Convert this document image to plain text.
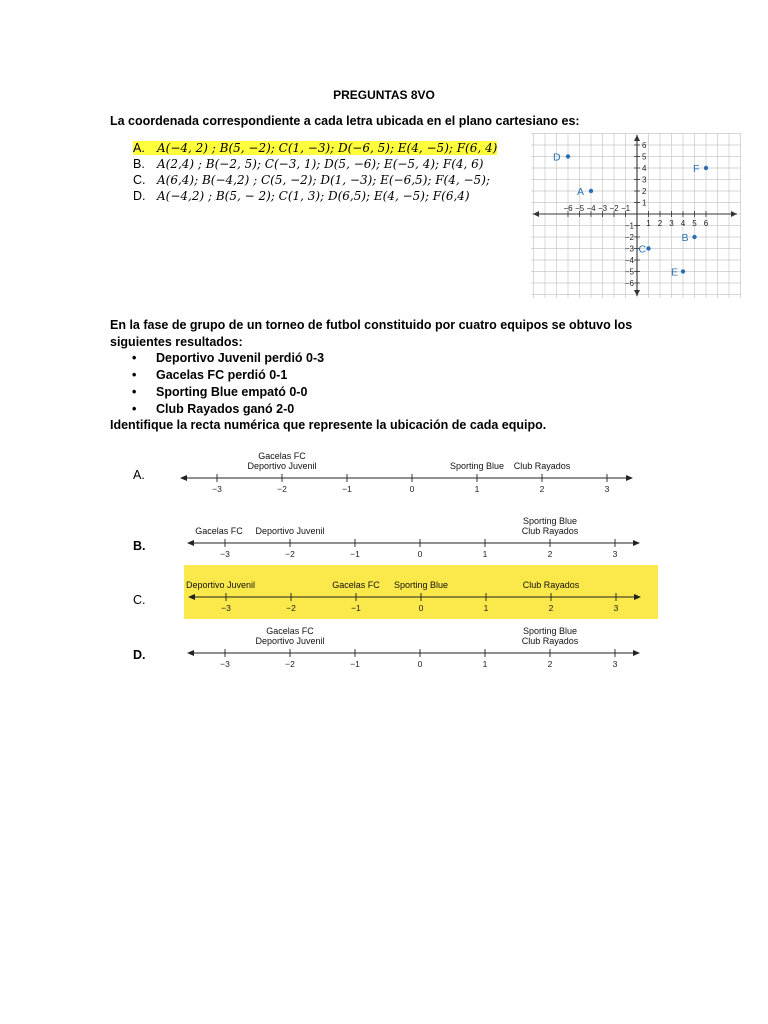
PREGUNTAS 8VO
La coordenada correspondiente a cada letra ubicada en el plano cartesiano es:
A. A(−4, 2) ; B(5, −2); C(1, −3); D(−6, 5); E(4, −5); F(6, 4)
B. A(2,4) ; B(−2, 5); C(−3, 1); D(5, −6); E(−5, 4); F(4, 6)
C. A(6,4); B(−4,2) ; C(5, −2); D(1, −3); E(−6,5); F(4, −5);
D. A(−4,2) ; B(5, − 2); C(1, 3); D(6,5); E(4, −5); F(6,4)
−6 −5 −4 −3 −2 −1
1 2 3 4 5 6
6
5
4
3
2
1
−1
−2
−3
−4
−5
−6
A
B
C
D
E
F
En la fase de grupo de un torneo de futbol constituido por cuatro equipos se obtuvo los siguientes resultados:
• Deportivo Juvenil perdió 0-3
• Gacelas FC perdió 0-1
• Sporting Blue empató 0-0
• Club Rayados ganó 2-0
Identifique la recta numérica que represente la ubicación de cada equipo.
A.
B.
C.
D.
−3	−2	−1	0	1	2	3
Gacelas FC
Deportivo Juvenil	Sporting Blue Club Rayados
−3	−2	−1	0	1	2	3
Gacelas FC Deportivo Juvenil
Sporting Blue
Club Rayados
−3	−2	−1	0	1	2	3
Deportivo Juvenil	Gacelas FC Sporting Blue	Club Rayados
−3	−2	−1	0	1	2	3
Gacelas FC
Deportivo Juvenil
Sporting Blue
Club Rayados
